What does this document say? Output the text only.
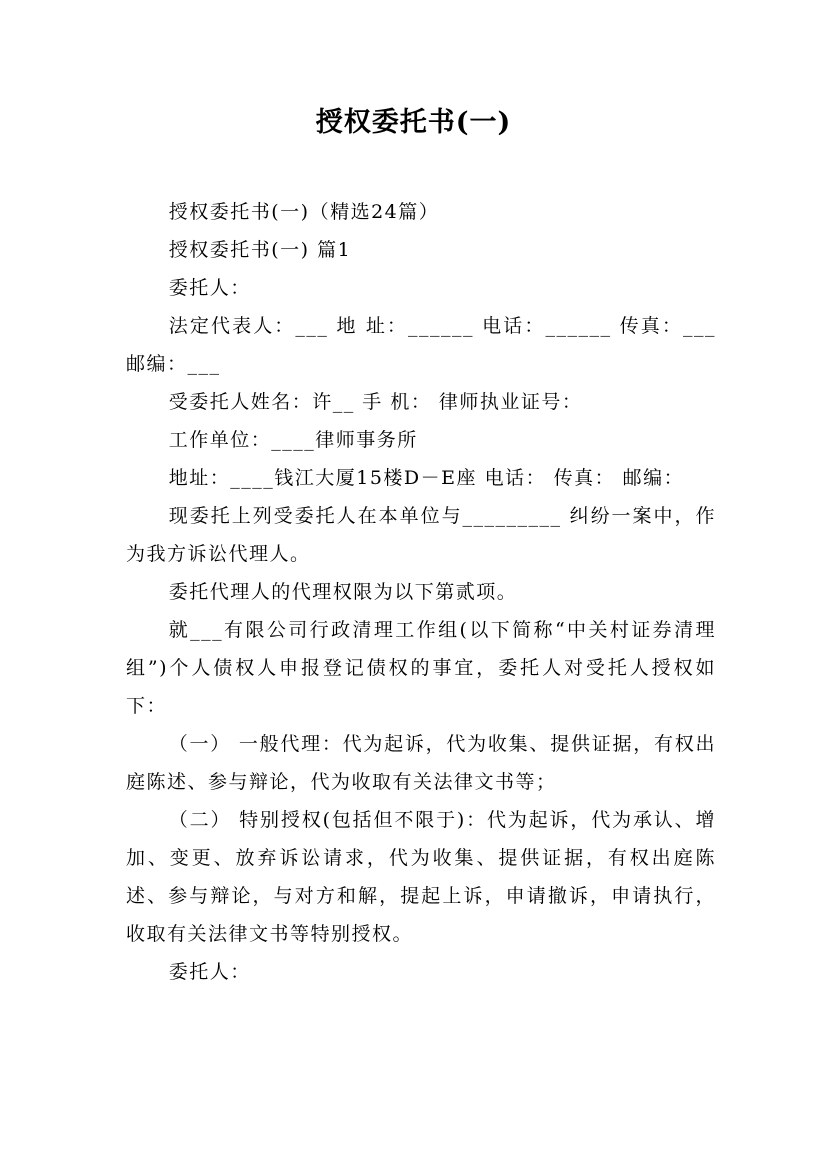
授权委托书(一)

授权委托书(一)（精选24篇）

授权委托书(一) 篇1

委托人：

法定代表人：___ 地 址：______ 电话：______ 传真：___ 邮编：___

受委托人姓名：许__ 手 机： 律师执业证号：

工作单位：____律师事务所

地址：____钱江大厦15楼D－E座 电话： 传真： 邮编：

现委托上列受委托人在本单位与_________ 纠纷一案中，作为我方诉讼代理人。

委托代理人的代理权限为以下第贰项。

就___有限公司行政清理工作组(以下简称“中关村证券清理组”)个人债权人申报登记债权的事宜，委托人对受托人授权如下：

（一） 一般代理：代为起诉，代为收集、提供证据，有权出庭陈述、参与辩论，代为收取有关法律文书等；

（二） 特别授权(包括但不限于)：代为起诉，代为承认、增加、变更、放弃诉讼请求，代为收集、提供证据，有权出庭陈述、参与辩论，与对方和解，提起上诉，申请撤诉，申请执行，收取有关法律文书等特别授权。

委托人：
